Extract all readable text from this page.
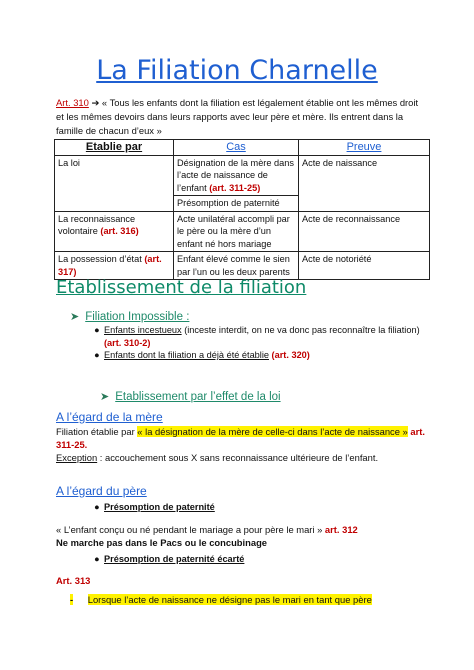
La Filiation Charnelle
Art. 310 ➔ « Tous les enfants dont la filiation est légalement établie ont les mêmes droit et les mêmes devoirs dans leurs rapports avec leur père et mère. Ils entrent dans la famille de chacun d’eux »
Etablie par	Cas	Preuve
La loi	Désignation de la mère dans l’acte de naissance de l’enfant (art. 311-25)	Acte de naissance
	Présomption de paternité	
La reconnaissance volontaire (art. 316)	Acte unilatéral accompli par le père ou la mère d’un enfant né hors mariage	Acte de reconnaissance
La possession d’état (art. 317)	Enfant élevé comme le sien par l’un ou les deux parents	Acte de notoriété
Etablissement de la filiation
➤ Filiation Impossible :
● Enfants incestueux (inceste interdit, on ne va donc pas reconnaître la filiation) (art. 310-2)
● Enfants dont la filiation a déjà été établie (art. 320)
➤ Etablissement par l’effet de la loi
A l’égard de la mère
Filiation établie par « la désignation de la mère de celle-ci dans l’acte de naissance » art. 311-25.
Exception : accouchement sous X sans reconnaissance ultérieure de l’enfant.
A l’égard du père
● Présomption de paternité
« L’enfant conçu ou né pendant le mariage a pour père le mari » art. 312
Ne marche pas dans le Pacs ou le concubinage
● Présomption de paternité écarté
Art. 313
- Lorsque l’acte de naissance ne désigne pas le mari en tant que père
